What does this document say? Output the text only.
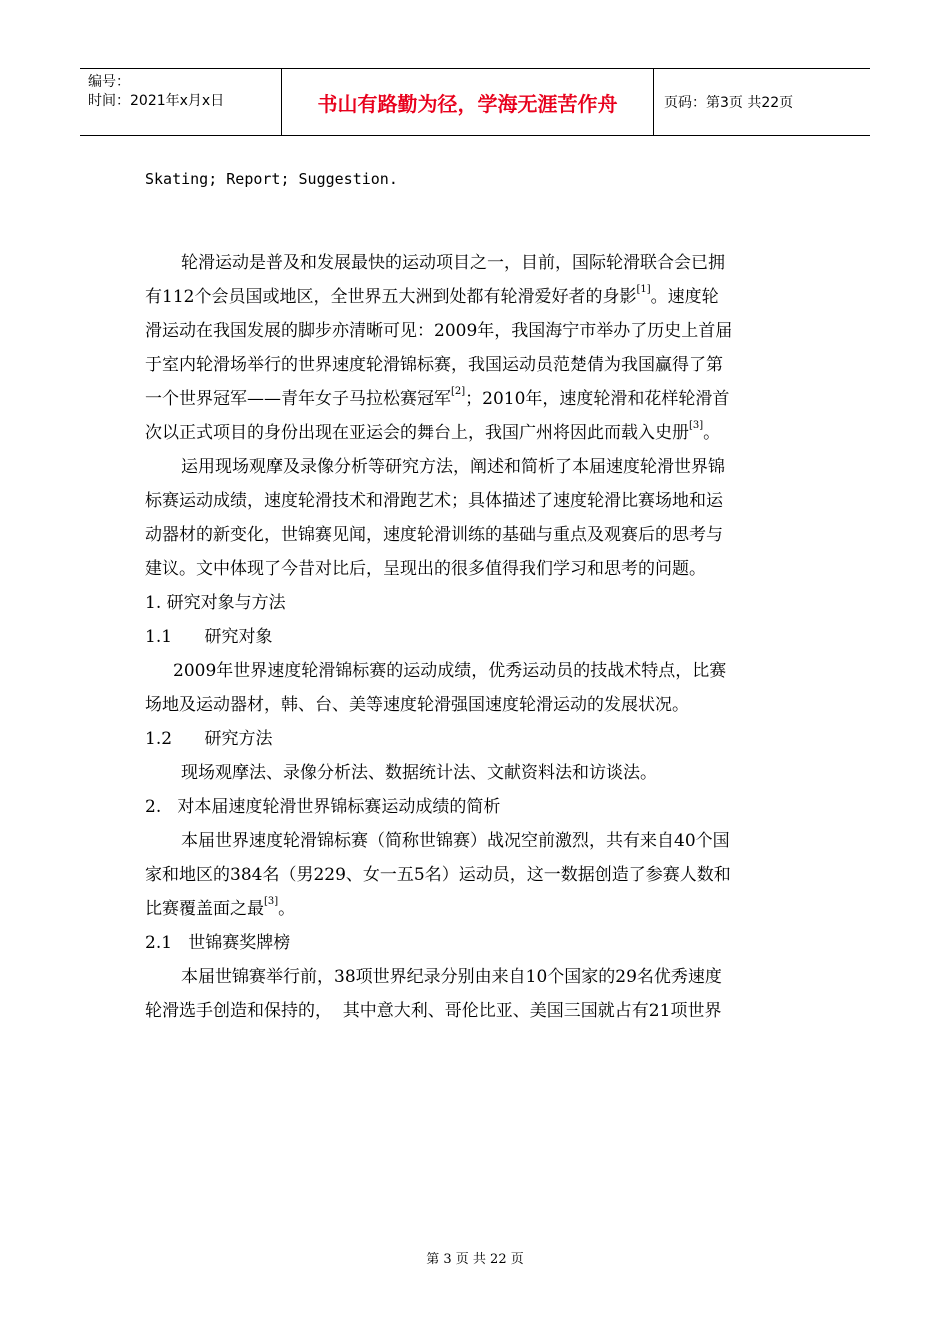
编号：
时间：2021年x月x日	书山有路勤为径，学海无涯苦作舟	页码：第3页 共22页
Skating; Report; Suggestion.
轮滑运动是普及和发展最快的运动项目之一，目前，国际轮滑联合会已拥
有112个会员国或地区，全世界五大洲到处都有轮滑爱好者的身影[1]。速度轮
滑运动在我国发展的脚步亦清晰可见：2009年，我国海宁市举办了历史上首届
于室内轮滑场举行的世界速度轮滑锦标赛，我国运动员范楚倩为我国赢得了第
一个世界冠军——青年女子马拉松赛冠军[2]；2010年，速度轮滑和花样轮滑首
次以正式项目的身份出现在亚运会的舞台上，我国广州将因此而载入史册[3]。
运用现场观摩及录像分析等研究方法，阐述和简析了本届速度轮滑世界锦
标赛运动成绩，速度轮滑技术和滑跑艺术；具体描述了速度轮滑比赛场地和运
动器材的新变化，世锦赛见闻，速度轮滑训练的基础与重点及观赛后的思考与
建议。文中体现了今昔对比后，呈现出的很多值得我们学习和思考的问题。
1. 研究对象与方法
1.1      研究对象
2009年世界速度轮滑锦标赛的运动成绩，优秀运动员的技战术特点，比赛
场地及运动器材，韩、台、美等速度轮滑强国速度轮滑运动的发展状况。
1.2      研究方法
现场观摩法、录像分析法、数据统计法、文献资料法和访谈法。
2.   对本届速度轮滑世界锦标赛运动成绩的简析
本届世界速度轮滑锦标赛（简称世锦赛）战况空前激烈，共有来自40个国
家和地区的384名（男229、女一五5名）运动员，这一数据创造了参赛人数和
比赛覆盖面之最[3]。
2.1   世锦赛奖牌榜
本届世锦赛举行前，38项世界纪录分别由来自10个国家的29名优秀速度
轮滑选手创造和保持的，  其中意大利、哥伦比亚、美国三国就占有21项世界
第 3 页 共 22 页
